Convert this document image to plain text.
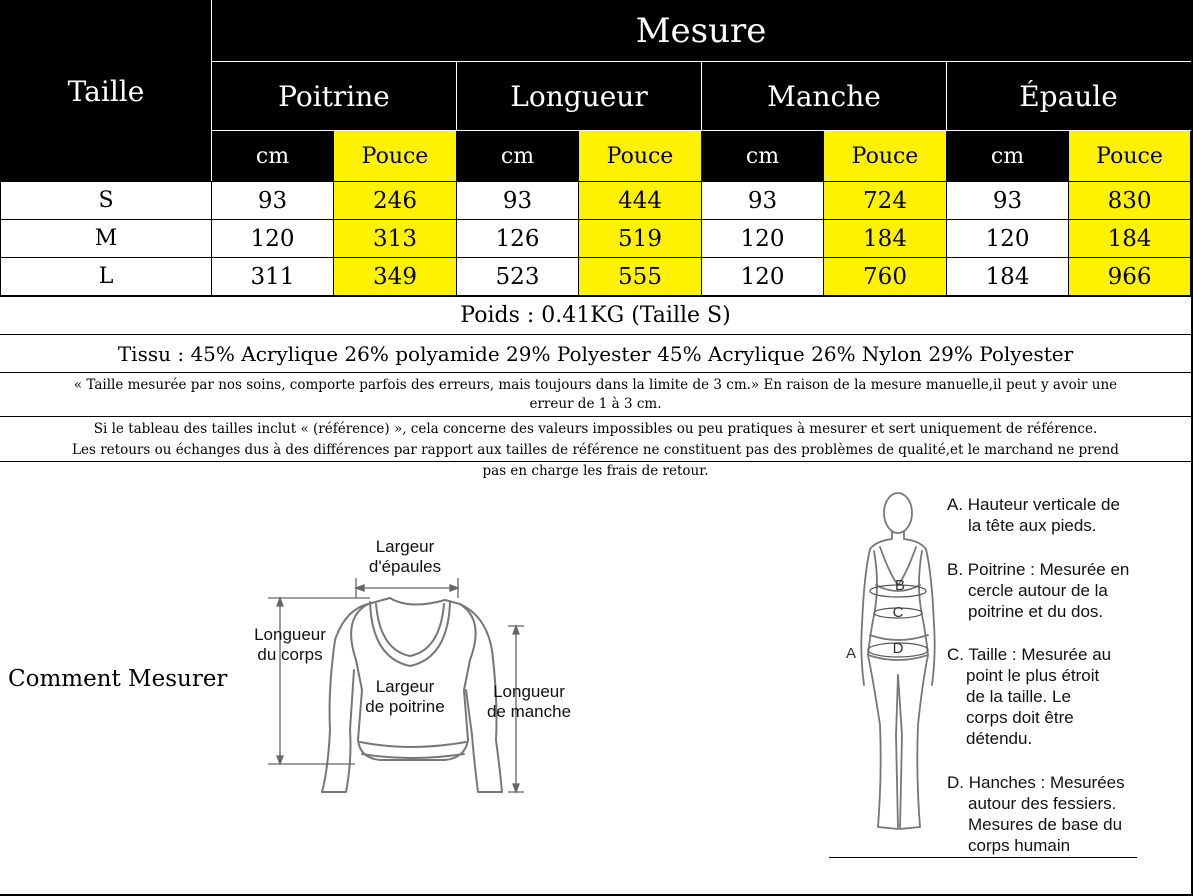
Taille	Mesure							
	Poitrine		Longueur		Manche		Épaule	
	cm	Pouce	cm	Pouce	cm	Pouce	cm	Pouce
S	93	246	93	444	93	724	93	830
M	120	313	126	519	120	184	120	184
L	311	349	523	555	120	760	184	966
Poids : 0.41KG (Taille S)
Tissu : 45% Acrylique 26% polyamide 29% Polyester 45% Acrylique 26% Nylon 29% Polyester
« Taille mesurée par nos soins, comporte parfois des erreurs, mais toujours dans la limite de 3 cm.» En raison de la mesure manuelle,il peut y avoir une
erreur de 1 à 3 cm.
Si le tableau des tailles inclut « (référence) », cela concerne des valeurs impossibles ou peu pratiques à mesurer et sert uniquement de référence.
Les retours ou échanges dus à des différences par rapport aux tailles de référence ne constituent pas des problèmes de qualité,et le marchand ne prend
pas en charge les frais de retour.
Comment Mesurer
Largeur
d'épaules
Longueur
du corps
Largeur
de poitrine
Longueur
de manche
B
C
D
A
A. Hauteur verticale de
la tête aux pieds.
B. Poitrine : Mesurée en
cercle autour de la
poitrine et du dos.
C. Taille : Mesurée au
point le plus étroit
de la taille. Le
corps doit être
détendu.
D. Hanches : Mesurées
autour des fessiers.
Mesures de base du
corps humain
